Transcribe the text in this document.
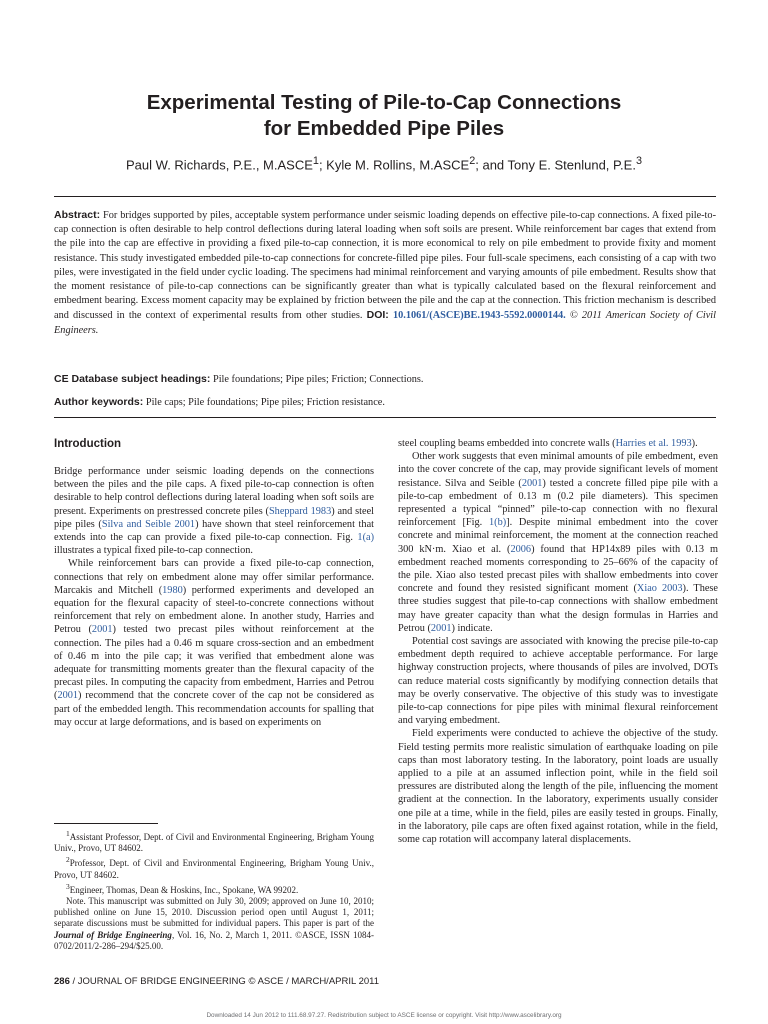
Experimental Testing of Pile-to-Cap Connections
for Embedded Pipe Piles
Paul W. Richards, P.E., M.ASCE$^1$; Kyle M. Rollins, M.ASCE$^2$; and Tony E. Stenlund, P.E.$^3$

Abstract: For bridges supported by piles, acceptable system performance under seismic loading depends on effective pile-to-cap connections. A fixed pile-to-cap connection is often desirable to help control deflections during lateral loading when soft soils are present. While reinforcement bar cages that extend from the pile into the cap are effective in providing a fixed pile-to-cap connection, it is more economical to rely on pile embedment to provide fixity and moment resistance. This study investigated embedded pile-to-cap connections for concrete-filled pipe piles. Four full-scale specimens, each consisting of a cap with two piles, were investigated in the field under cyclic loading. The specimens had minimal reinforcement and varying amounts of pile embedment. Results show that the moment resistance of pile-to-cap connections can be significantly greater than what is typically calculated based on the flexural reinforcement and embedment bearing. Excess moment capacity may be explained by friction between the pile and the cap at the connection. This friction mechanism is described and discussed in the context of experimental results from other studies. DOI: 10.1061/(ASCE)BE.1943-5592.0000144. © 2011 American Society of Civil Engineers.

CE Database subject headings: Pile foundations; Pipe piles; Friction; Connections.

Author keywords: Pile caps; Pile foundations; Pipe piles; Friction resistance.

Introduction

Bridge performance under seismic loading depends on the connections between the piles and the pile caps. A fixed pile-to-cap connection is often desirable to help control deflections during lateral loading when soft soils are present. Experiments on prestressed concrete piles (Sheppard 1983) and steel pipe piles (Silva and Seible 2001) have shown that steel reinforcement that extends into the cap can provide a fixed pile-to-cap connection. Fig. 1(a) illustrates a typical fixed pile-to-cap connection.

While reinforcement bars can provide a fixed pile-to-cap connection, connections that rely on embedment alone may offer similar performance. Marcakis and Mitchell (1980) performed experiments and developed an equation for the flexural capacity of steel-to-concrete connections without reinforcement that rely on embedment alone. In another study, Harries and Petrou (2001) tested two precast piles without reinforcement at the connection. The piles had a 0.46 m square cross-section and an embedment of 0.46 m into the pile cap; it was verified that embedment alone was adequate for transmitting moments greater than the flexural capacity of the precast piles. In computing the capacity from embedment, Harries and Petrou (2001) recommend that the concrete cover of the cap not be considered as part of the embedded length. This recommendation accounts for spalling that may occur at large deformations, and is based on experiments on

$^1$Assistant Professor, Dept. of Civil and Environmental Engineering, Brigham Young Univ., Provo, UT 84602.

$^2$Professor, Dept. of Civil and Environmental Engineering, Brigham Young Univ., Provo, UT 84602.

$^3$Engineer, Thomas, Dean & Hoskins, Inc., Spokane, WA 99202.

Note. This manuscript was submitted on July 30, 2009; approved on June 10, 2010; published online on June 15, 2010. Discussion period open until August 1, 2011; separate discussions must be submitted for individual papers. This paper is part of the Journal of Bridge Engineering, Vol. 16, No. 2, March 1, 2011. ©ASCE, ISSN 1084-0702/2011/2-286–294/$25.00.

steel coupling beams embedded into concrete walls (Harries et al. 1993).

Other work suggests that even minimal amounts of pile embedment, even into the cover concrete of the cap, may provide significant levels of moment resistance. Silva and Seible (2001) tested a concrete filled pipe pile with a pile-to-cap embedment of 0.13 m (0.2 pile diameters). This specimen represented a typical “pinned” pile-to-cap connection with no flexural reinforcement [Fig. 1(b)]. Despite minimal embedment into the cover concrete and minimal reinforcement, the moment at the connection reached 300 kN·m. Xiao et al. (2006) found that HP14x89 piles with 0.13 m embedment reached moments corresponding to 25–66% of the capacity of the pile. Xiao also tested precast piles with shallow embedments into cover concrete and found they resisted significant moment (Xiao 2003). These three studies suggest that pile-to-cap connections with shallow embedment may have greater capacity than what the design formulas in Harries and Petrou (2001) indicate.

Potential cost savings are associated with knowing the precise pile-to-cap embedment depth required to achieve acceptable performance. For large highway construction projects, where thousands of piles are involved, DOTs can reduce material costs significantly by modifying connection details that may be overly conservative. The objective of this study was to investigate pile-to-cap connections for pipe piles with minimal flexural reinforcement and varying embedment.

Field experiments were conducted to achieve the objective of the study. Field testing permits more realistic simulation of earthquake loading on pile caps than most laboratory testing. In the laboratory, point loads are usually applied to a pile at an assumed inflection point, while in the field soil pressures are distributed along the length of the pile, influencing the moment gradient at the connection. In the laboratory, experiments usually consider one pile at a time, while in the field, piles are easily tested in groups. Finally, in the laboratory, pile caps are often fixed against rotation, while in the field, some cap rotation will accompany lateral displacements.

286 / JOURNAL OF BRIDGE ENGINEERING © ASCE / MARCH/APRIL 2011
Downloaded 14 Jun 2012 to 111.68.97.27. Redistribution subject to ASCE license or copyright. Visit http://www.ascelibrary.org
